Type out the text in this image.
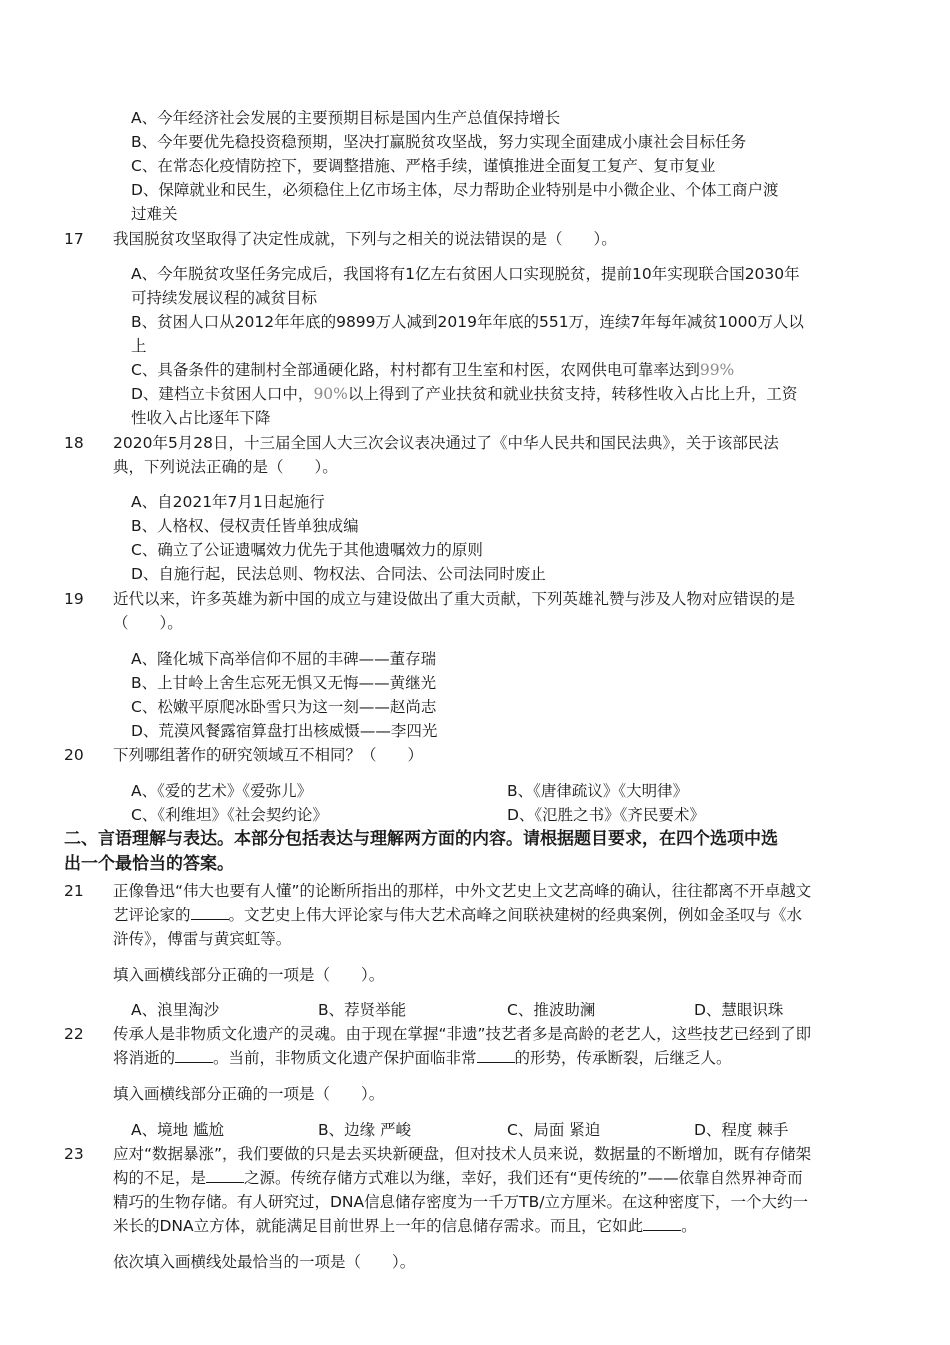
A、今年经济社会发展的主要预期目标是国内生产总值保持增长
B、今年要优先稳投资稳预期，坚决打赢脱贫攻坚战，努力实现全面建成小康社会目标任务
C、在常态化疫情防控下，要调整措施、严格手续，谨慎推进全面复工复产、复市复业
D、保障就业和民生，必须稳住上亿市场主体，尽力帮助企业特别是中小微企业、个体工商户渡
过难关
17 我国脱贫攻坚取得了决定性成就，下列与之相关的说法错误的是（　　）。
A、今年脱贫攻坚任务完成后，我国将有1亿左右贫困人口实现脱贫，提前10年实现联合国2030年
可持续发展议程的减贫目标
B、贫困人口从2012年年底的9899万人减到2019年年底的551万，连续7年每年减贫1000万人以
上
C、具备条件的建制村全部通硬化路，村村都有卫生室和村医，农网供电可靠率达到99%
D、建档立卡贫困人口中，90%以上得到了产业扶贫和就业扶贫支持，转移性收入占比上升，工资
性收入占比逐年下降
18 2020年5月28日，十三届全国人大三次会议表决通过了《中华人民共和国民法典》，关于该部民法
典，下列说法正确的是（　　）。
A、自2021年7月1日起施行
B、人格权、侵权责任皆单独成编
C、确立了公证遗嘱效力优先于其他遗嘱效力的原则
D、自施行起，民法总则、物权法、合同法、公司法同时废止
19 近代以来，许多英雄为新中国的成立与建设做出了重大贡献，下列英雄礼赞与涉及人物对应错误的是
（　　）。
A、隆化城下高举信仰不屈的丰碑——董存瑞
B、上甘岭上舍生忘死无惧又无悔——黄继光
C、松嫩平原爬冰卧雪只为这一刻——赵尚志
D、荒漠风餐露宿算盘打出核威慑——李四光
20 下列哪组著作的研究领域互不相同？（　　）
A、《爱的艺术》《爱弥儿》	B、《唐律疏议》《大明律》
C、《利维坦》《社会契约论》	D、《氾胜之书》《齐民要术》
二、言语理解与表达。本部分包括表达与理解两方面的内容。请根据题目要求，在四个选项中选
出一个最恰当的答案。
21 正像鲁迅“伟大也要有人懂”的论断所指出的那样，中外文艺史上文艺高峰的确认，往往都离不开卓越文
艺评论家的 。文艺史上伟大评论家与伟大艺术高峰之间联袂建树的经典案例，例如金圣叹与《水
浒传》，傅雷与黄宾虹等。
填入画横线部分正确的一项是（　　）。
A、浪里淘沙	B、荐贤举能	C、推波助澜	D、慧眼识珠
22 传承人是非物质文化遗产的灵魂。由于现在掌握“非遗”技艺者多是高龄的老艺人，这些技艺已经到了即
将消逝的 。当前，非物质文化遗产保护面临非常 的形势，传承断裂，后继乏人。
填入画横线部分正确的一项是（　　）。
A、境地 尴尬	B、边缘 严峻	C、局面 紧迫	D、程度 棘手
23 应对“数据暴涨”，我们要做的只是去买块新硬盘，但对技术人员来说，数据量的不断增加，既有存储架
构的不足，是 之源。传统存储方式难以为继，幸好，我们还有“更传统的”——依靠自然界神奇而
精巧的生物存储。有人研究过，DNA信息储存密度为一千万TB/立方厘米。在这种密度下，一个大约一
米长的DNA立方体，就能满足目前世界上一年的信息储存需求。而且，它如此 。
依次填入画横线处最恰当的一项是（　　）。
